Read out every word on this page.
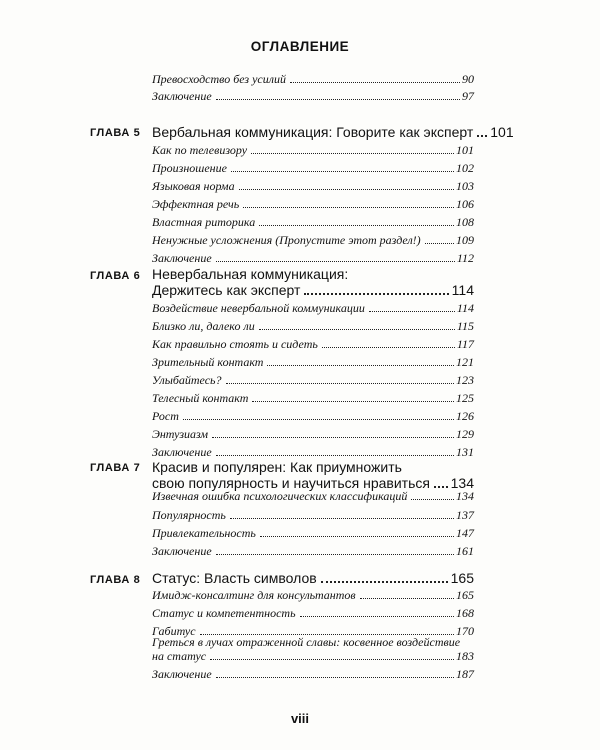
ОГЛАВЛЕНИЕ
Превосходство без усилий	90
Заключение	97
ГЛАВА 5 Вербальная коммуникация: Говорите как эксперт 101
Как по телевизору	101
Произношение	102
Языковая норма	103
Эффектная речь	106
Властная риторика	108
Ненужные усложнения (Пропустите этот раздел!)	109
Заключение	112
ГЛАВА 6 Невербальная коммуникация:
Держитесь как эксперт	114
Воздействие невербальной коммуникации	114
Близко ли, далеко ли	115
Как правильно стоять и сидеть	117
Зрительный контакт	121
Улыбайтесь?	123
Телесный контакт	125
Рост	126
Энтузиазм	129
Заключение	131
ГЛАВА 7 Красив и популярен: Как приумножить
свою популярность и научиться нравиться 134
Извечная ошибка психологических классификаций	134
Популярность	137
Привлекательность	147
Заключение	161
ГЛАВА 8 Статус: Власть символов	165
Имидж-консалтинг для консультантов	165
Статус и компетентность	168
Габитус	170
Греться в лучах отраженной славы: косвенное воздействие
на статус	183
Заключение	187
viii
